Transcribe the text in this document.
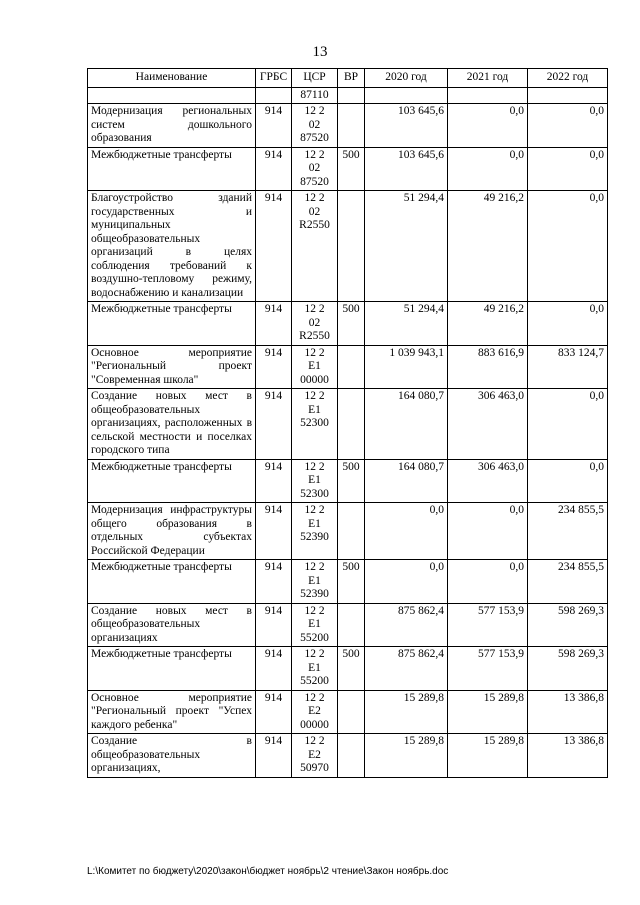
13
Наименование	ГРБС	ЦСР	ВР	2020 год	2021 год	2022 год
		87110				
Модернизация региональных систем дошкольного образования	914	12 2
02
87520		103 645,6	0,0	0,0
Межбюджетные трансферты	914	12 2
02
87520	500	103 645,6	0,0	0,0
Благоустройство зданий государственных и муниципальных общеобразовательных организаций в целях соблюдения требований к воздушно-тепловому режиму, водоснабжению и канализации	914	12 2
02
R2550		51 294,4	49 216,2	0,0
Межбюджетные трансферты	914	12 2
02
R2550	500	51 294,4	49 216,2	0,0
Основное мероприятие "Региональный проект "Современная школа"	914	12 2
E1
00000		1 039 943,1	883 616,9	833 124,7
Создание новых мест в общеобразовательных организациях, расположенных в сельской местности и поселках городского типа	914	12 2
E1
52300		164 080,7	306 463,0	0,0
Межбюджетные трансферты	914	12 2
E1
52300	500	164 080,7	306 463,0	0,0
Модернизация инфраструктуры общего образования в отдельных субъектах Российской Федерации	914	12 2
E1
52390		0,0	0,0	234 855,5
Межбюджетные трансферты	914	12 2
E1
52390	500	0,0	0,0	234 855,5
Создание новых мест в общеобразовательных организациях	914	12 2
E1
55200		875 862,4	577 153,9	598 269,3
Межбюджетные трансферты	914	12 2
E1
55200	500	875 862,4	577 153,9	598 269,3
Основное мероприятие "Региональный проект "Успех каждого ребенка"	914	12 2
E2
00000		15 289,8	15 289,8	13 386,8
Создание в общеобразовательных организациях,	914	12 2
E2
50970		15 289,8	15 289,8	13 386,8
L:\Комитет по бюджету\2020\закон\бюджет ноябрь\2 чтение\Закон ноябрь.doc
